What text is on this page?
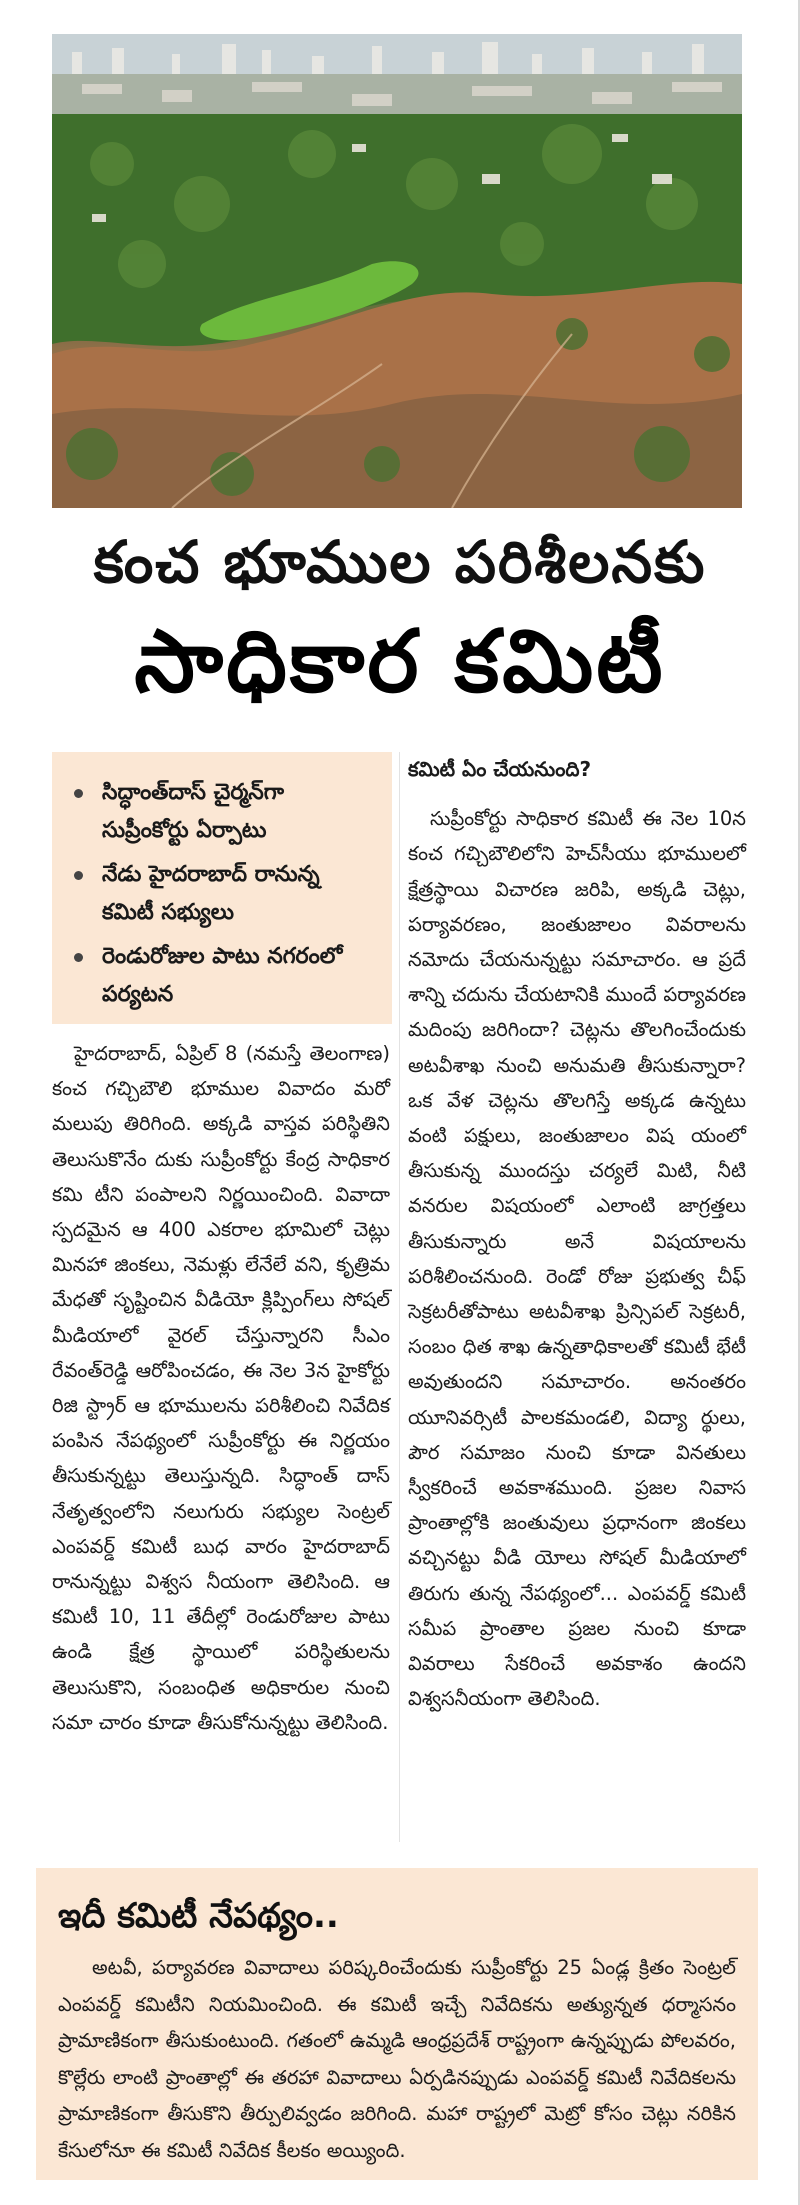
కంచ భూముల పరిశీలనకు
సాధికార కమిటీ
సిద్ధాంత్‌దాస్ చైర్మన్‌గా సుప్రీంకోర్టు ఏర్పాటు
నేడు హైదరాబాద్ రానున్న కమిటీ సభ్యులు
రెండురోజుల పాటు నగరంలో పర్యటన

హైదరాబాద్, ఏప్రిల్ 8 (నమస్తే తెలంగాణ) కంచ గచ్చిబౌలి భూముల వివాదం మరో మలుపు తిరిగింది. అక్కడి వాస్తవ పరిస్థితిని తెలుసుకొనేం దుకు సుప్రీంకోర్టు కేంద్ర సాధికార కమి టీని పంపాలని నిర్ణయించింది. వివాదా స్పదమైన ఆ 400 ఎకరాల భూమిలో చెట్లు మినహా జింకలు, నెమళ్లు లేనేలే వని, కృత్రిమ మేధతో సృష్టించిన వీడియో క్లిప్పింగ్‌లు సోషల్ మీడియాలో వైరల్ చేస్తున్నారని సీఎం రేవంత్‌రెడ్డి ఆరోపించడం, ఈ నెల 3న హైకోర్టు రిజి స్ట్రార్ ఆ భూములను పరిశీలించి నివేదిక పంపిన నేపథ్యంలో సుప్రీంకోర్టు ఈ నిర్ణయం తీసుకున్నట్టు తెలుస్తున్నది. సిద్ధాంత్ దాస్ నేతృత్వంలోని నలుగురు సభ్యుల సెంట్రల్ ఎంపవర్డ్ కమిటీ బుధ వారం హైదరాబాద్ రానున్నట్టు విశ్వస నీయంగా తెలిసింది. ఆ కమిటీ 10, 11 తేదీల్లో రెండురోజుల పాటు ఉండి క్షేత్ర స్థాయిలో పరిస్థితులను తెలుసుకొని, సంబంధిత అధికారుల నుంచి సమా చారం కూడా తీసుకోనున్నట్టు తెలిసింది.

కమిటీ ఏం చేయనుంది?

సుప్రీంకోర్టు సాధికార కమిటీ ఈ నెల 10న కంచ గచ్చిబౌలిలోని హెచ్‌సీయు భూములలో క్షేత్రస్థాయి విచారణ జరిపి, అక్కడి చెట్లు, పర్యావరణం, జంతుజాలం వివరాలను నమోదు చేయనున్నట్టు సమాచారం. ఆ ప్రదే శాన్ని చదును చేయటానికి ముందే పర్యావరణ మదింపు జరిగిందా? చెట్లను తొలగించేందుకు అటవీశాఖ నుంచి అనుమతి తీసుకున్నారా? ఒక వేళ చెట్లను తొలగిస్తే అక్కడ ఉన్నటు వంటి పక్షులు, జంతుజాలం విష యంలో తీసుకున్న ముందస్తు చర్యలే మిటి, నీటి వనరుల విషయంలో ఎలాంటి జాగ్రత్తలు తీసుకున్నారు అనే విషయాలను పరిశీలించనుంది. రెండో రోజు ప్రభుత్వ చీఫ్ సెక్రటరీతోపాటు అటవీశాఖ ప్రిన్సిపల్ సెక్రటరీ, సంబం ధిత శాఖ ఉన్నతాధికాలతో కమిటీ భేటీ అవుతుందని సమాచారం. అనంతరం యూనివర్సిటీ పాలకమండలి, విద్యా ర్థులు, పౌర సమాజం నుంచి కూడా వినతులు స్వీకరించే అవకాశముంది. ప్రజల నివాస ప్రాంతాల్లోకి జంతువులు ప్రధానంగా జింకలు వచ్చినట్టు వీడి యోలు సోషల్ మీడియాలో తిరుగు తున్న నేపథ్యంలో... ఎంపవర్డ్ కమిటీ సమీప ప్రాంతాల ప్రజల నుంచి కూడా వివరాలు సేకరించే అవకాశం ఉందని విశ్వసనీయంగా తెలిసింది.

ఇదీ కమిటీ నేపథ్యం..

అటవీ, పర్యావరణ వివాదాలు పరిష్కరించేందుకు సుప్రీంకోర్టు 25 ఏండ్ల క్రితం సెంట్రల్ ఎంపవర్డ్ కమిటీని నియమించింది. ఈ కమిటీ ఇచ్చే నివేదికను అత్యున్నత ధర్మాసనం ప్రామాణికంగా తీసుకుంటుంది. గతంలో ఉమ్మడి ఆంధ్రప్రదేశ్ రాష్ట్రంగా ఉన్నప్పుడు పోలవరం, కొల్లేరు లాంటి ప్రాంతాల్లో ఈ తరహా వివాదాలు ఏర్పడినప్పుడు ఎంపవర్డ్ కమిటీ నివేదికలను ప్రామాణికంగా తీసుకొని తీర్పులివ్వడం జరిగింది. మహా రాష్ట్రలో మెట్రో కోసం చెట్లు నరికిన కేసులోనూ ఈ కమిటీ నివేదిక కీలకం అయ్యింది.
